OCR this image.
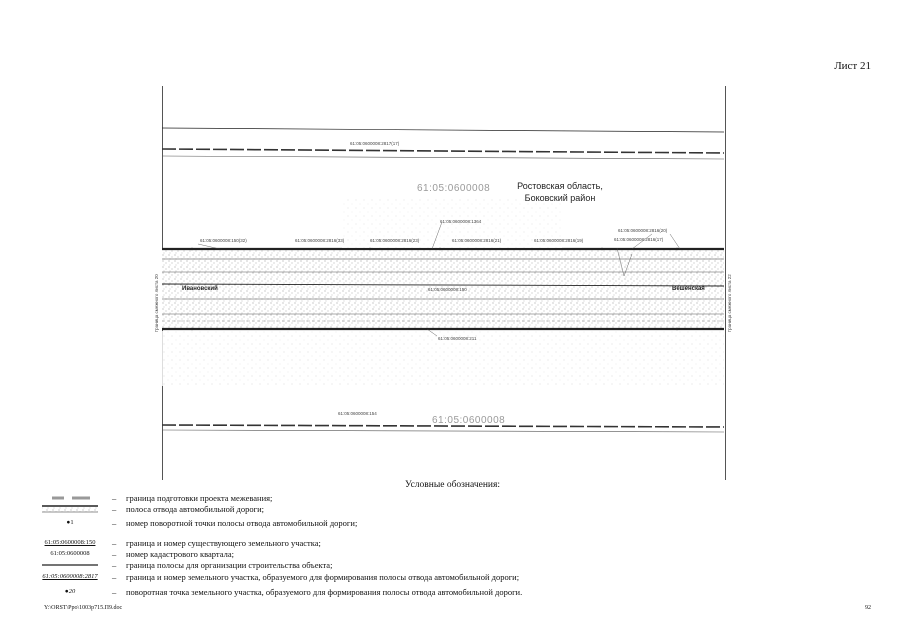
Лист 21
Ростовская область,
Боковский район
61:05:0600008
61:05:0600008
61:05:0600008:2817(17)
61:05:0600008:154
61:05:0600008:211
61:05:0600008:150
61:05:0600008:1364
Ивановский	Вешенская
61:05:0600008:150(32)	61:05:0600008:2816(33)	61:05:0600008:2816(23)	61:05:0600008:2816(21)	61:05:0600008:2816(19)
61:05:0600008:2816(20)
61:05:0600008:2816(17)
Граница смежного листа 20	Граница смежного листа 22
Условные обозначения:
– граница подготовки проекта межевания;
– полоса отвода автомобильной дороги;
●1	– номер поворотной точки полосы отвода автомобильной дороги;
61:05:0600008:150	– граница и номер существующего земельного участка;
61:05:0600008	– номер кадастрового квартала;
– граница полосы для организации строительства объекта;
61:05:0600008:2817	– граница и номер земельного участка, образуемого для формирования полосы отвода автомобильной дороги;
●20	– поворотная точка земельного участка, образуемого для формирования полосы отвода автомобильной дороги.
Y:\ORST\Ppo\1003p715.П9.doc	92
